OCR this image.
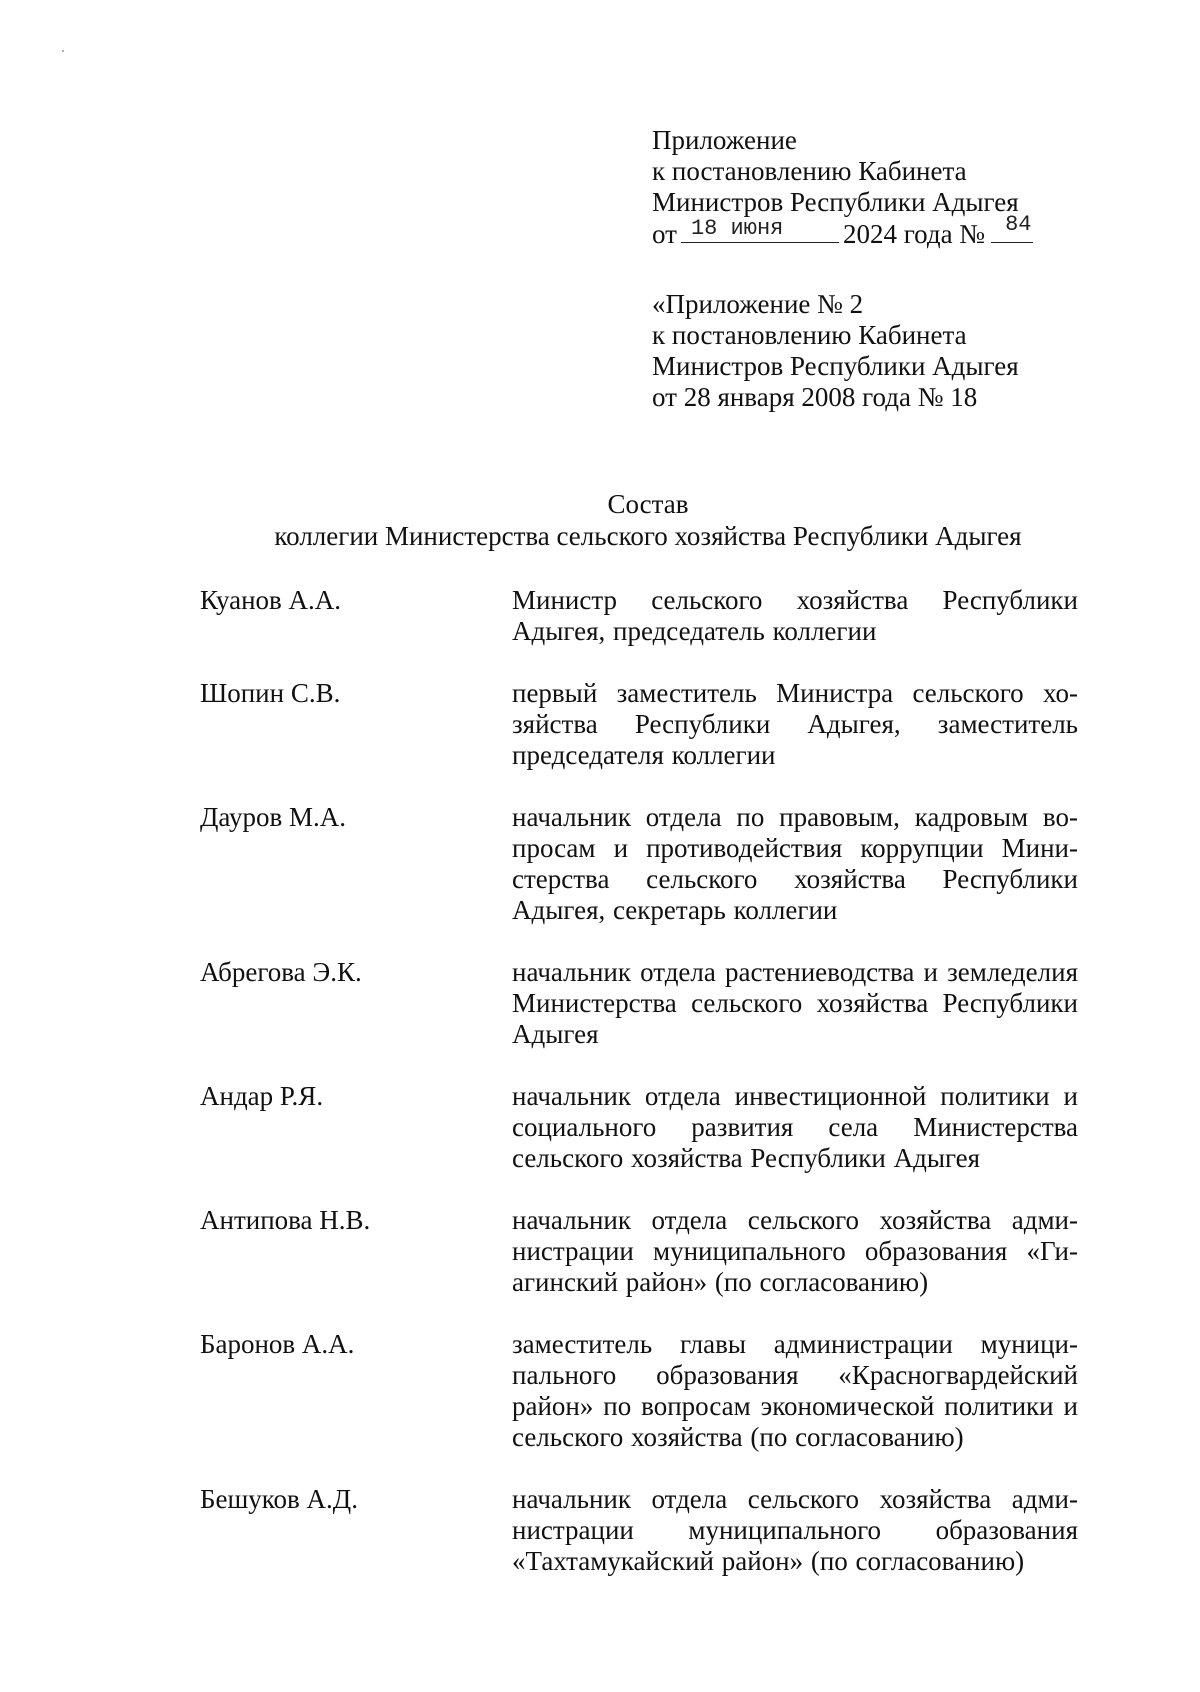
Приложение
к постановлению Кабинета
Министров Республики Адыгея
от 18 июня 2024 года № 84
«Приложение № 2
к постановлению Кабинета
Министров Республики Адыгея
от 28 января 2008 года № 18
Состав
коллегии Министерства сельского хозяйства Республики Адыгея
Куанов А.А.	Министр сельского хозяйства Республики Адыгея, председатель коллегии
Шопин С.В.	первый заместитель Министра сельского хозяйства Республики Адыгея, заместитель председателя коллегии
Дауров М.А.	начальник отдела по правовым, кадровым вопросам и противодействия коррупции Министерства сельского хозяйства Республики Адыгея, секретарь коллегии
Абрегова Э.К.	начальник отдела растениеводства и земледелия Министерства сельского хозяйства Республики Адыгея
Андар Р.Я.	начальник отдела инвестиционной политики и социального развития села Министерства сельского хозяйства Республики Адыгея
Антипова Н.В.	начальник отдела сельского хозяйства администрации муниципального образования «Гиагинский район» (по согласованию)
Баронов А.А.	заместитель главы администрации муниципального образования «Красногвардейский район» по вопросам экономической политики и сельского хозяйства (по согласованию)
Бешуков А.Д.	начальник отдела сельского хозяйства администрации муниципального образования «Тахтамукайский район» (по согласованию)
